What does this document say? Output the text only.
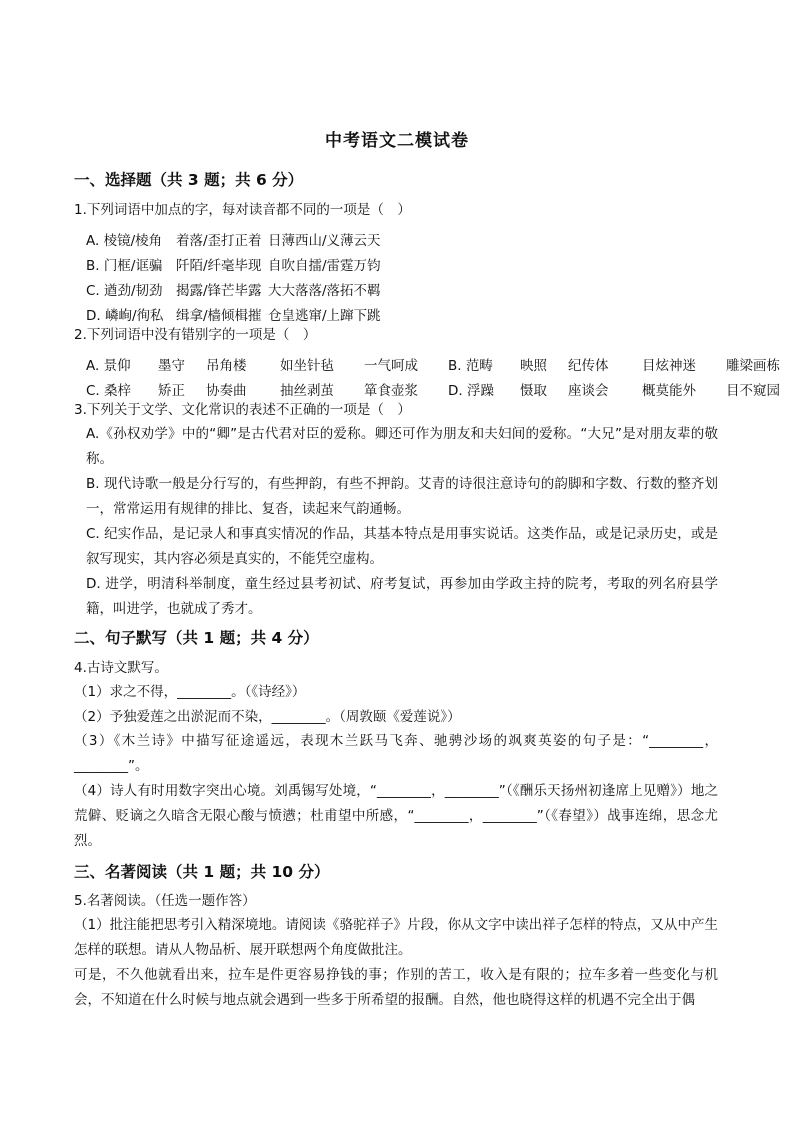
中考语文二模试卷
一、选择题（共 3 题；共 6 分）
1.下列词语中加点的字，每对读音都不同的一项是（　）
A. 棱镜/棱角 着落/歪打正着 日薄西山/义薄云天
B. 门框/诓骗 阡陌/纤毫毕现 自吹自擂/雷霆万钧
C. 遒劲/韧劲 揭露/锋芒毕露 大大落落/落拓不羁
D. 嶙峋/徇私 缉拿/樯倾楫摧 仓皇逃窜/上蹿下跳
2.下列词语中没有错别字的一项是（　）
A. 景仰 墨守 吊角楼 如坐针毡 一气呵成 B. 范畴 映照 纪传体 目炫神迷 雕梁画栋
C. 桑梓 矫正 协奏曲 抽丝剥茧 箪食壶浆 D. 浮躁 慑取 座谈会 概莫能外 目不窥园
3.下列关于文学、文化常识的表述不正确的一项是（　）
A.《孙权劝学》中的“卿”是古代君对臣的爱称。卿还可作为朋友和夫妇间的爱称。“大兄”是对朋友辈的敬称。
B. 现代诗歌一般是分行写的，有些押韵，有些不押韵。艾青的诗很注意诗句的韵脚和字数、行数的整齐划一，常常运用有规律的排比、复沓，读起来气韵通畅。
C. 纪实作品，是记录人和事真实情况的作品，其基本特点是用事实说话。这类作品，或是记录历史，或是叙写现实，其内容必须是真实的，不能凭空虚构。
D. 进学，明清科举制度，童生经过县考初试、府考复试，再参加由学政主持的院考，考取的列名府县学籍，叫进学，也就成了秀才。
二、句子默写（共 1 题；共 4 分）
4.古诗文默写。
（1）求之不得，________。（《诗经》）
（2）予独爱莲之出淤泥而不染，________。（周敦颐《爱莲说》）
（3）《木兰诗》中描写征途遥远，表现木兰跃马飞奔、驰骋沙场的飒爽英姿的句子是：“________，________”。
（4）诗人有时用数字突出心境。刘禹锡写处境，“________，________”（《酬乐天扬州初逢席上见赠》）地之荒僻、贬谪之久暗含无限心酸与愤懑；杜甫望中所感，“________，________”（《春望》）战事连绵，思念尤烈。
三、名著阅读（共 1 题；共 10 分）
5.名著阅读。（任选一题作答）
（1）批注能把思考引入精深境地。请阅读《骆驼祥子》片段，你从文字中读出祥子怎样的特点，又从中产生怎样的联想。请从人物品析、展开联想两个角度做批注。
可是，不久他就看出来，拉车是件更容易挣钱的事；作别的苦工，收入是有限的；拉车多着一些变化与机会，不知道在什么时候与地点就会遇到一些多于所希望的报酬。自然，他也晓得这样的机遇不完全出于偶
